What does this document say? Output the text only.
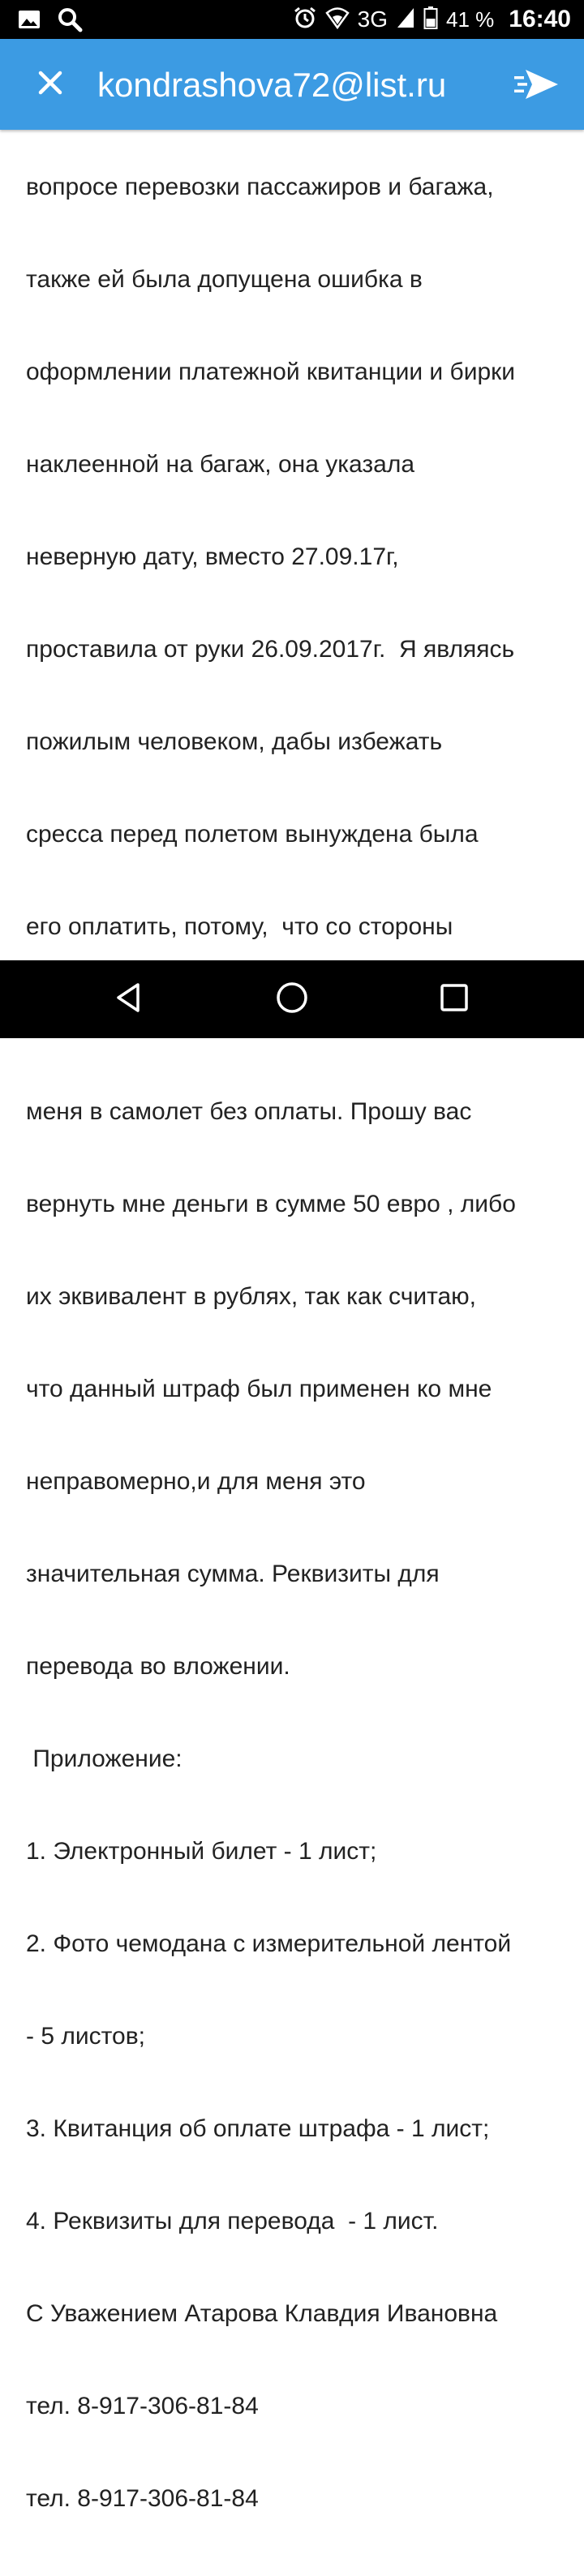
3G	41 % 16:40
kondrashova72@list.ru

вопросе перевозки пассажиров и багажа,

также ей была допущена ошибка в

оформлении платежной квитанции и бирки

наклеенной на багаж, она указала

неверную дату, вместо 27.09.17г,

проставила от руки 26.09.2017г.  Я являясь

пожилым человеком, дабы избежать

сресса перед полетом вынуждена была

его оплатить, потому,  что со стороны

меня в самолет без оплаты. Прошу вас

вернуть мне деньги в сумме 50 евро , либо

их эквивалент в рублях, так как считаю,

что данный штраф был применен ко мне

неправомерно,и для меня это

значительная сумма. Реквизиты для

перевода во вложении.

Приложение:

1. Электронный билет - 1 лист;

2. Фото чемодана с измерительной лентой

- 5 листов;

3. Квитанция об оплате штрафа - 1 лист;

4. Реквизиты для перевода  - 1 лист.

С Уважением Атарова Клавдия Ивановна

тел. 8-917-306-81-84

тел. 8-917-306-81-84
